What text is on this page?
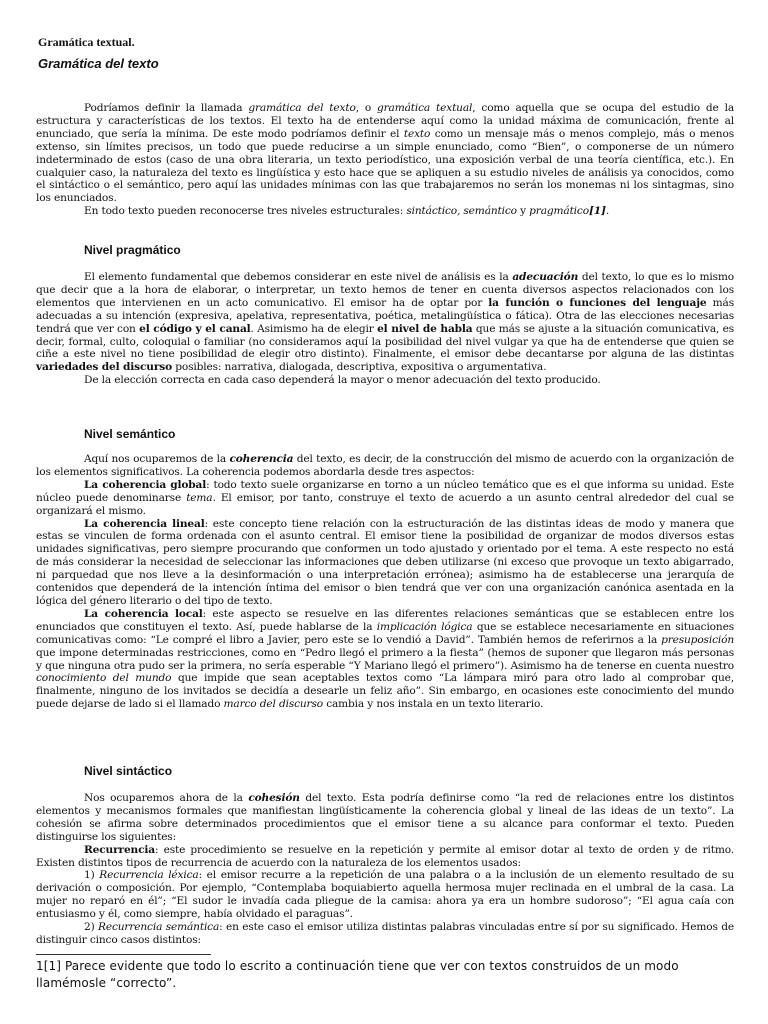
Gramática textual.
Gramática del texto

Podríamos definir la llamada gramática del texto, o gramática textual, como aquella que se ocupa del estudio de la estructura y características de los textos. El texto ha de entenderse aquí como la unidad máxima de comunicación, frente al enunciado, que sería la mínima. De este modo podríamos definir el texto como un mensaje más o menos complejo, más o menos extenso, sin límites precisos, un todo que puede reducirse a un simple enunciado, como “Bien”, o componerse de un número indeterminado de estos (caso de una obra literaria, un texto periodístico, una exposición verbal de una teoría científica, etc.). En cualquier caso, la naturaleza del texto es lingüística y esto hace que se apliquen a su estudio niveles de análisis ya conocidos, como el sintáctico o el semántico, pero aquí las unidades mínimas con las que trabajaremos no serán los monemas ni los sintagmas, sino los enunciados.

En todo texto pueden reconocerse tres niveles estructurales: sintáctico, semántico y pragmático[1].

Nivel pragmático

El elemento fundamental que debemos considerar en este nivel de análisis es la adecuación del texto, lo que es lo mismo que decir que a la hora de elaborar, o interpretar, un texto hemos de tener en cuenta diversos aspectos relacionados con los elementos que intervienen en un acto comunicativo. El emisor ha de optar por la función o funciones del lenguaje más adecuadas a su intención (expresiva, apelativa, representativa, poética, metalingüística o fática). Otra de las elecciones necesarias tendrá que ver con el código y el canal. Asimismo ha de elegir el nivel de habla que más se ajuste a la situación comunicativa, es decir, formal, culto, coloquial o familiar (no consideramos aquí la posibilidad del nivel vulgar ya que ha de entenderse que quien se ciñe a este nivel no tiene posibilidad de elegir otro distinto). Finalmente, el emisor debe decantarse por alguna de las distintas variedades del discurso posibles: narrativa, dialogada, descriptiva, expositiva o argumentativa.

De la elección correcta en cada caso dependerá la mayor o menor adecuación del texto producido.

Nivel semántico

Aquí nos ocuparemos de la coherencia del texto, es decir, de la construcción del mismo de acuerdo con la organización de los elementos significativos. La coherencia podemos abordarla desde tres aspectos:

La coherencia global: todo texto suele organizarse en torno a un núcleo temático que es el que informa su unidad. Este núcleo puede denominarse tema. El emisor, por tanto, construye el texto de acuerdo a un asunto central alrededor del cual se organizará el mismo.

La coherencia lineal: este concepto tiene relación con la estructuración de las distintas ideas de modo y manera que estas se vinculen de forma ordenada con el asunto central. El emisor tiene la posibilidad de organizar de modos diversos estas unidades significativas, pero siempre procurando que conformen un todo ajustado y orientado por el tema. A este respecto no está de más considerar la necesidad de seleccionar las informaciones que deben utilizarse (ni exceso que provoque un texto abigarrado, ni parquedad que nos lleve a la desinformación o una interpretación errónea); asimismo ha de establecerse una jerarquía de contenidos que dependerá de la intención íntima del emisor o bien tendrá que ver con una organización canónica asentada en la lógica del género literario o del tipo de texto.

La coherencia local: este aspecto se resuelve en las diferentes relaciones semánticas que se establecen entre los enunciados que constituyen el texto. Así, puede hablarse de la implicación lógica que se establece necesariamente en situaciones comunicativas como: “Le compré el libro a Javier, pero este se lo vendió a David”. También hemos de referirnos a la presuposición que impone determinadas restricciones, como en “Pedro llegó el primero a la fiesta” (hemos de suponer que llegaron más personas y que ninguna otra pudo ser la primera, no sería esperable “Y Mariano llegó el primero”). Asimismo ha de tenerse en cuenta nuestro conocimiento del mundo que impide que sean aceptables textos como “La lámpara miró para otro lado al comprobar que, finalmente, ninguno de los invitados se decidía a desearle un feliz año”. Sin embargo, en ocasiones este conocimiento del mundo puede dejarse de lado si el llamado marco del discurso cambia y nos instala en un texto literario.

Nivel sintáctico

Nos ocuparemos ahora de la cohesión del texto. Esta podría definirse como “la red de relaciones entre los distintos elementos y mecanismos formales que manifiestan lingüísticamente la coherencia global y lineal de las ideas de un texto”. La cohesión se afirma sobre determinados procedimientos que el emisor tiene a su alcance para conformar el texto. Pueden distinguirse los siguientes:

Recurrencia: este procedimiento se resuelve en la repetición y permite al emisor dotar al texto de orden y de ritmo. Existen distintos tipos de recurrencia de acuerdo con la naturaleza de los elementos usados:

1) Recurrencia léxica: el emisor recurre a la repetición de una palabra o a la inclusión de un elemento resultado de su derivación o composición. Por ejemplo, “Contemplaba boquiabierto aquella hermosa mujer reclinada en el umbral de la casa. La mujer no reparó en él”; “El sudor le invadía cada pliegue de la camisa: ahora ya era un hombre sudoroso”; “El agua caía con entusiasmo y él, como siempre, había olvidado el paraguas”.

2) Recurrencia semántica: en este caso el emisor utiliza distintas palabras vinculadas entre sí por su significado. Hemos de distinguir cinco casos distintos:

1[1] Parece evidente que todo lo escrito a continuación tiene que ver con textos construidos de un modo llamémosle “correcto”.
